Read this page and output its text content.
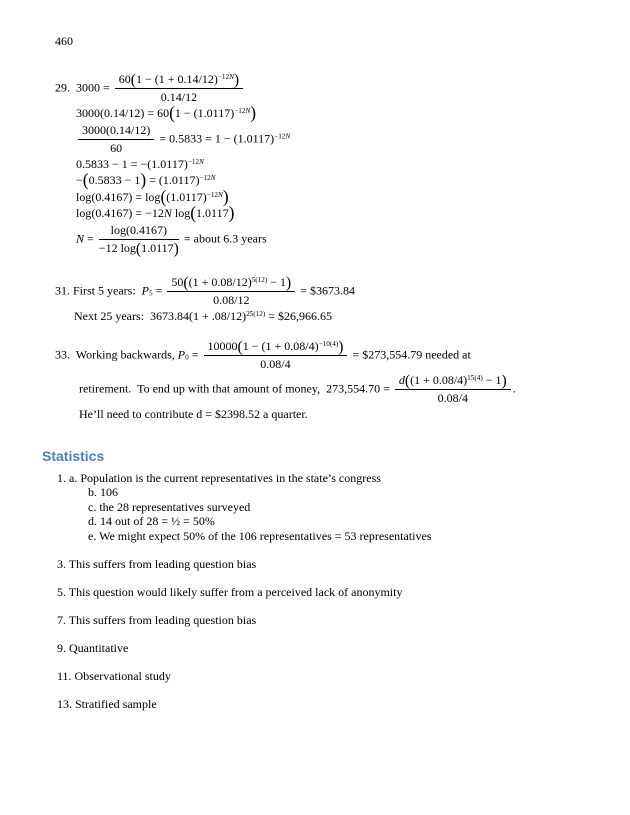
460
29.  $3000 = \frac{60(1 - (1 + 0.14/12)^{-12N})}{0.14/12}$
$3000(0.14/12) = 60(1 - (1.0117)^{-12N})$
$\frac{3000(0.14/12)}{60} = 0.5833 = 1 - (1.0117)^{-12N}$
$0.5833 - 1 = -(1.0117)^{-12N}$
$-(0.5833 - 1) = (1.0117)^{-12N}$
$\log(0.4167) = \log((1.0117)^{-12N})$
log(0.4167) = −12N log(1.0117)
$N = \frac{\log(0.4167)}{-12 \log(1.0117)}$ = about 6.3 years
31. First 5 years:  $P5 = \frac{50((1 + 0.08/12)^{5(12)} - 1)}{0.08/12}$ = $3673.84
Next 25 years:  $3673.84(1 + .08/12)^{25(12)}$ = $26,966.65
33.  Working backwards, $P0 = \frac{10000(1 - (1 + 0.08/4)^{-10(4)})}{0.08/4}$ = $273,554.79 needed at
retirement.  To end up with that amount of money,  $273,554.70 = \frac{d((1 + 0.08/4)^{15(4)} - 1)}{0.08/4}$ .
He’ll need to contribute d = $2398.52 a quarter.
Statistics
1. a. Population is the current representatives in the state’s congress
b. 106
c. the 28 representatives surveyed
d. 14 out of 28 = ½ = 50%
e. We might expect 50% of the 106 representatives = 53 representatives
3. This suffers from leading question bias
5. This question would likely suffer from a perceived lack of anonymity
7. This suffers from leading question bias
9. Quantitative
11. Observational study
13. Stratified sample
